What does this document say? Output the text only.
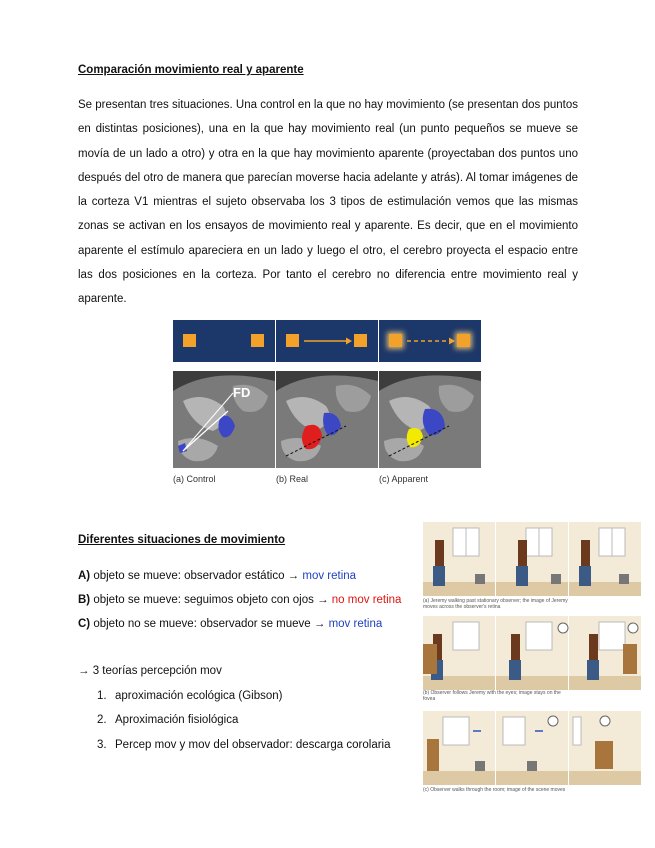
Comparación movimiento real y aparente

Se presentan tres situaciones. Una control en la que no hay movimiento (se presentan dos puntos en distintas posiciones), una en la que hay movimiento real (un punto pequeños se mueve se movía de un lado a otro) y otra en la que hay movimiento aparente (proyectaban dos puntos uno después del otro de manera que parecían moverse hacia adelante y atrás). Al tomar imágenes de la corteza V1 mientras el sujeto observaba los 3 tipos de estimulación vemos que las mismas zonas se activan en los ensayos de movimiento real y aparente. Es decir, que en el movimiento aparente el estímulo apareciera en un lado y luego el otro, el cerebro proyecta el espacio entre las dos posiciones en la corteza. Por tanto el cerebro no diferencia entre movimiento real y aparente.

FD
(a) Control	(b) Real	(c) Apparent
Diferentes situaciones de movimiento
A) objeto se mueve: observador estático → mov retina
B) objeto se mueve: seguimos objeto con ojos → no mov retina
C) objeto no se mueve: observador se mueve → mov retina
→ 3 teorías percepción mov
1. aproximación ecológica (Gibson)
2. Aproximación fisiológica
3. Percep mov y mov del observador: descarga corolaria
(a) Jeremy walking past stationary observer; the image of Jeremy moves across the observer's retina
(b) Observer follows Jeremy with the eyes; image stays on the fovea
(c) Observer walks through the room; image of the scene moves
